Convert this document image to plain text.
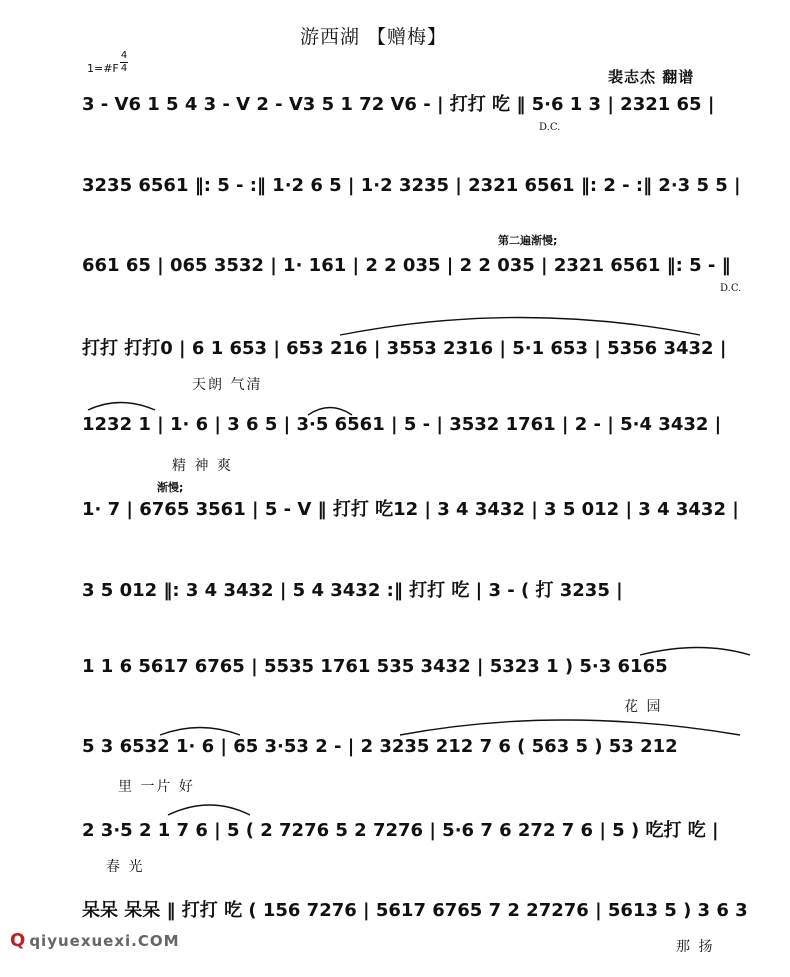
游西湖 【赠梅】
裴志杰 翻谱
1=#F
4
4
第二遍渐慢;
渐慢;
D.C.
D.C.
3 - V6 1 5 4 3 - V 2 - V3 5 1 72 V6 - | 打打 吃 ‖ 5·6 1 3 | 2321 65 |
3235 6561 ‖: 5 - :‖ 1·2 6 5 | 1·2 3235 | 2321 6561 ‖: 2 - :‖ 2·3 5 5 |
661 65 | 065 3532 | 1· 161 | 2 2 035 | 2 2 035 | 2321 6561 ‖: 5 - ‖
打打 打打0 | 6 1 653 | 653 216 | 3553 2316 | 5·1 653 | 5356 3432 |
天朗 气清
1232 1 | 1· 6 | 3 6 5 | 3·5 6561 | 5 - | 3532 1761 | 2 - | 5·4 3432 |
精 神 爽
1· 7 | 6765 3561 | 5 - V ‖ 打打 吃12 | 3 4 3432 | 3 5 012 | 3 4 3432 |
3 5 012 ‖: 3 4 3432 | 5 4 3432 :‖ 打打 吃 | 3 - ( 打 3235 |
1 1 6 5617 6765 | 5535 1761 535 3432 | 5323 1 ) 5·3 6165
花 园
5 3 6532 1· 6 | 65 3·53 2 - | 2 3235 212 7 6 ( 563 5 ) 53 212
里 一片 好
2 3·5 2 1 7 6 | 5 ( 2 7276 5 2 7276 | 5·6 7 6 272 7 6 | 5 ) 吃打 吃 |
春 光
呆呆 呆呆 ‖ 打打 吃 ( 156 7276 | 5617 6765 7 2 27276 | 5613 5 ) 3 6 3
那 扬
Q qiyuexuexi.COM
